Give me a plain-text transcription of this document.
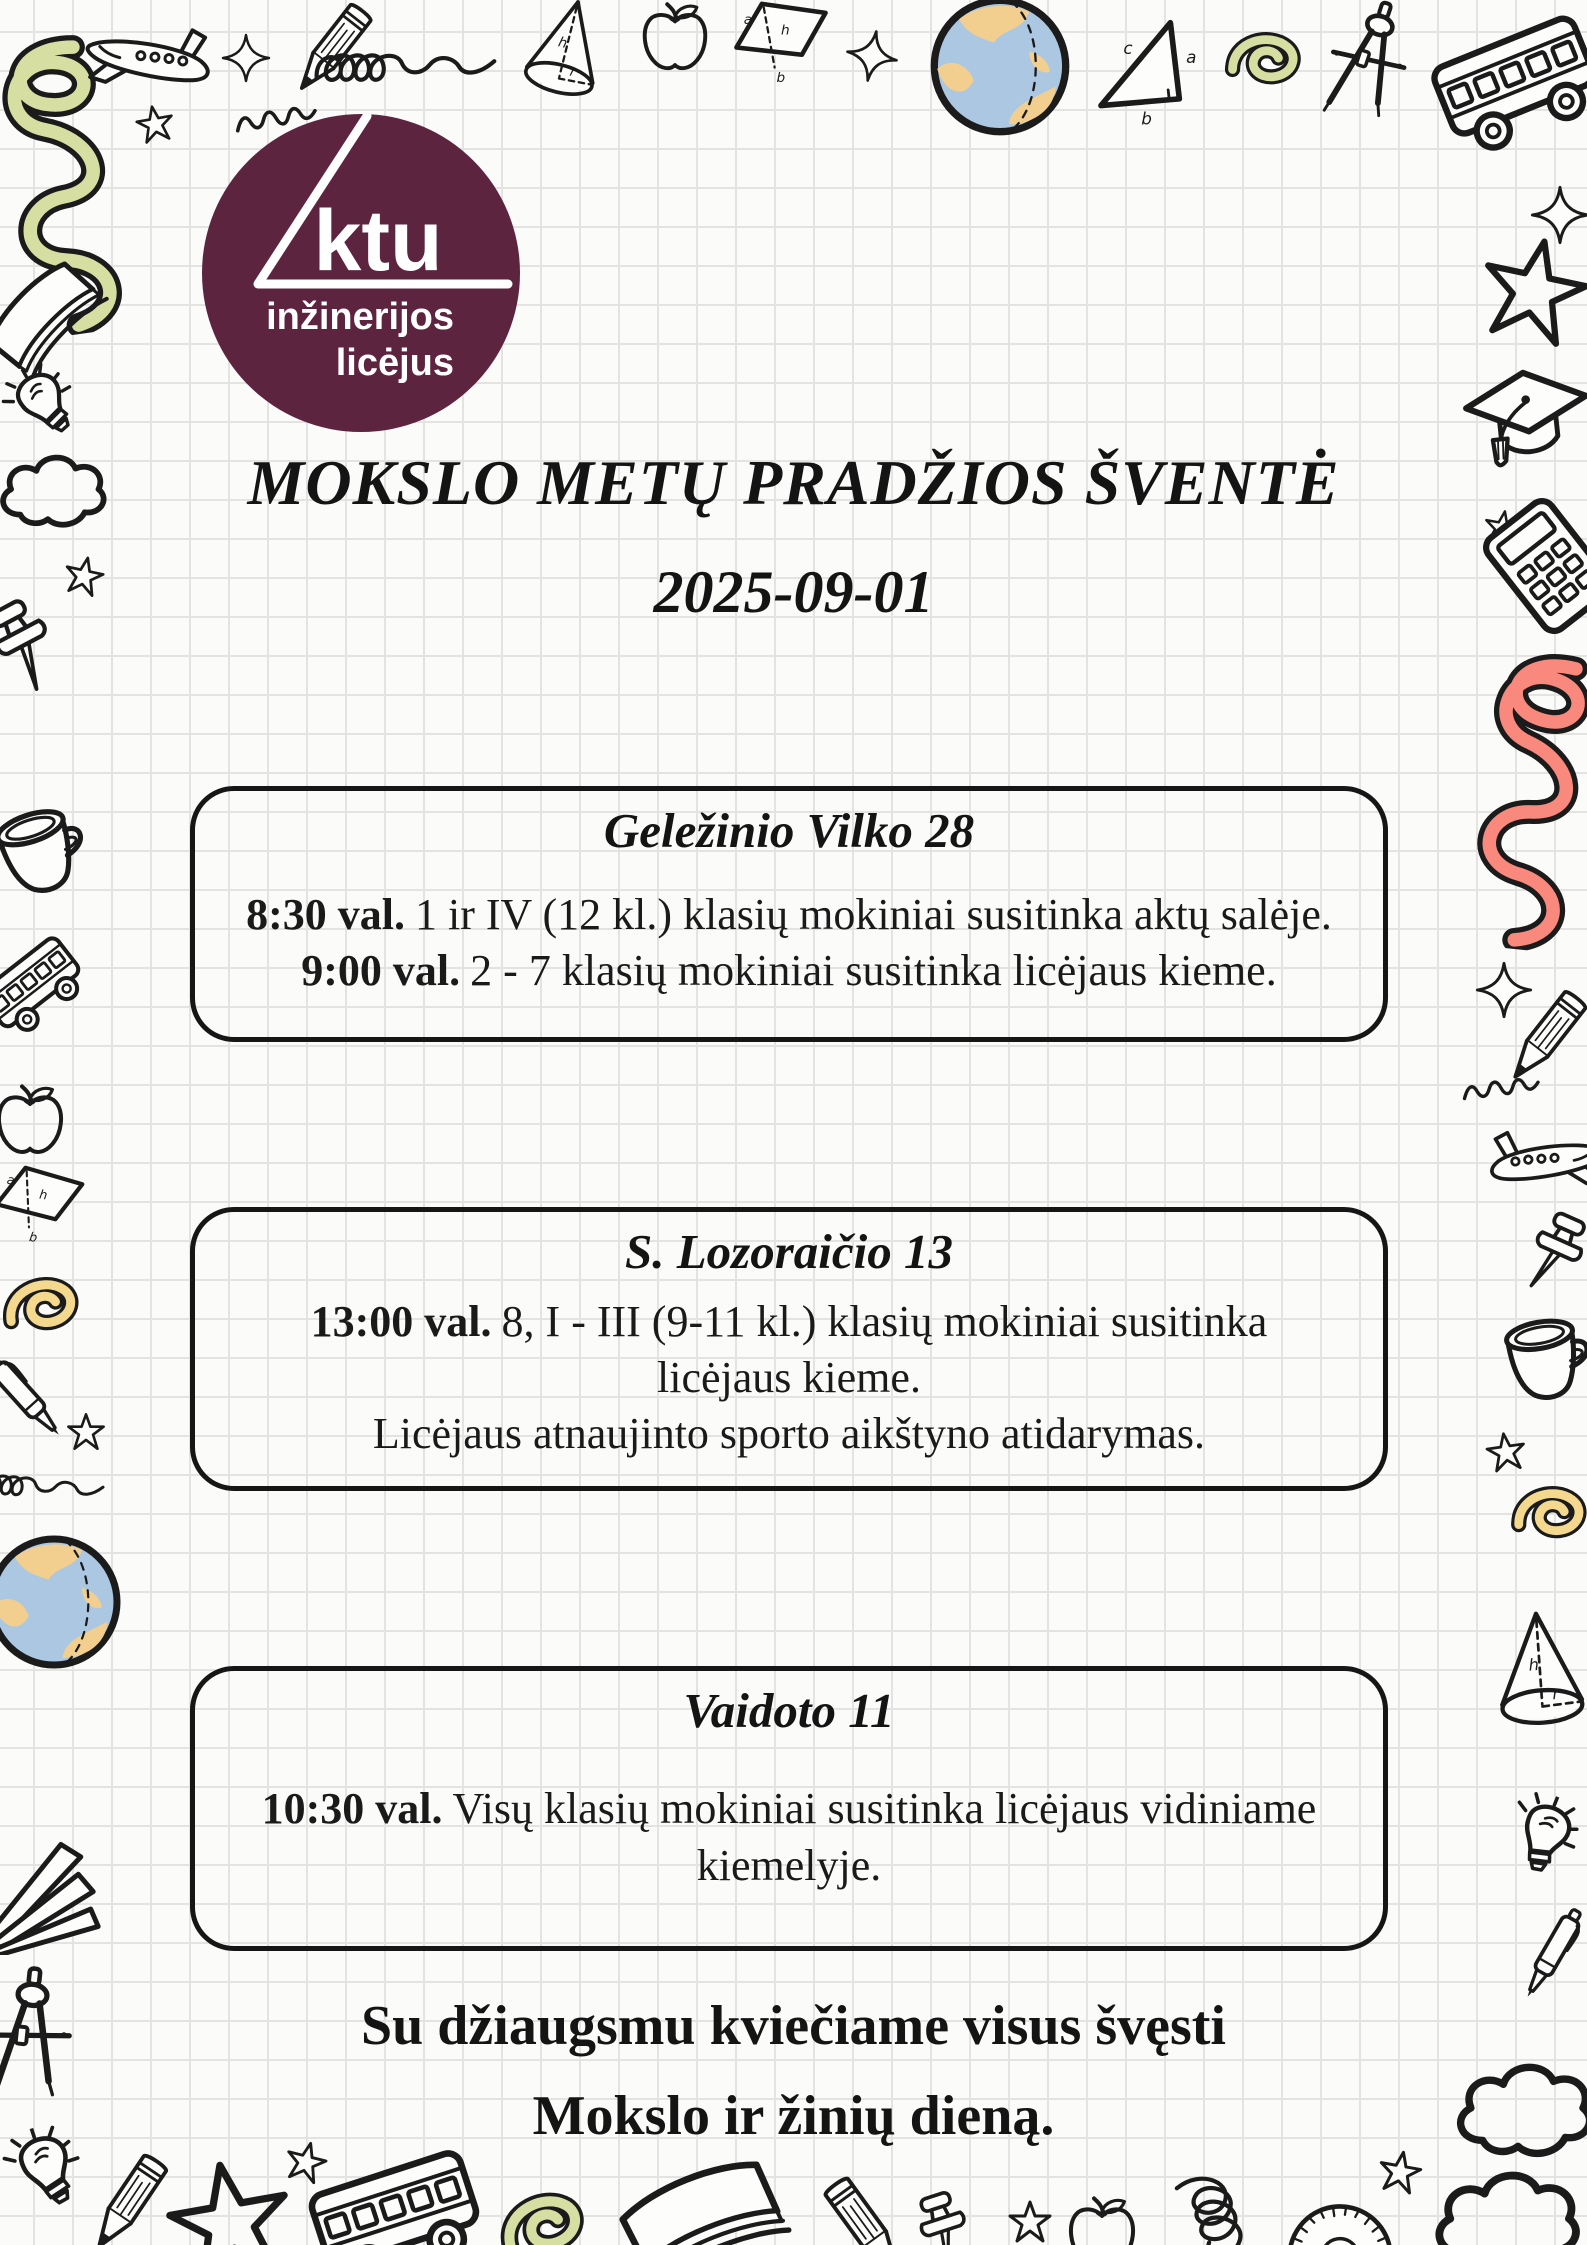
ktu
inžinerijos
licėjus
MOKSLO METŲ PRADŽIOS ŠVENTĖ
2025-09-01
Geležinio Vilko 28

8:30 val. 1 ir IV (12 kl.) klasių mokiniai susitinka aktų salėje.

9:00 val. 2 - 7 klasių mokiniai susitinka licėjaus kieme.

S. Lozoraičio 13

13:00 val. 8, I - III (9-11 kl.) klasių mokiniai susitinka licėjaus kieme.

Licėjaus atnaujinto sporto aikštyno atidarymas.

Vaidoto 11

10:30 val. Visų klasių mokiniai susitinka licėjaus vidiniame kiemelyje.

Su džiaugsmu kviečiame visus švęsti
Mokslo ir žinių dieną.
